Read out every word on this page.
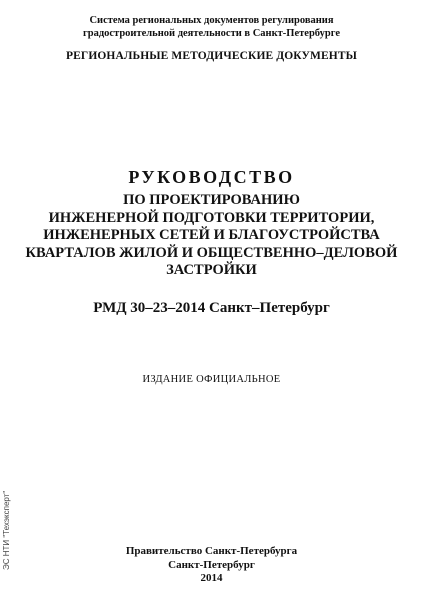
Система региональных документов регулирования
градостроительной деятельности в Санкт-Петербурге
РЕГИОНАЛЬНЫЕ МЕТОДИЧЕСКИЕ ДОКУМЕНТЫ
РУКОВОДСТВО
ПО ПРОЕКТИРОВАНИЮ
ИНЖЕНЕРНОЙ ПОДГОТОВКИ ТЕРРИТОРИИ,
ИНЖЕНЕРНЫХ СЕТЕЙ И БЛАГОУСТРОЙСТВА
КВАРТАЛОВ ЖИЛОЙ И ОБЩЕСТВЕННО–ДЕЛОВОЙ
ЗАСТРОЙКИ
РМД 30–23–2014 Санкт–Петербург
ИЗДАНИЕ ОФИЦИАЛЬНОЕ
Правительство Санкт-Петербурга
Санкт-Петербург
2014
ЭС НТИ "Техэксперт"
